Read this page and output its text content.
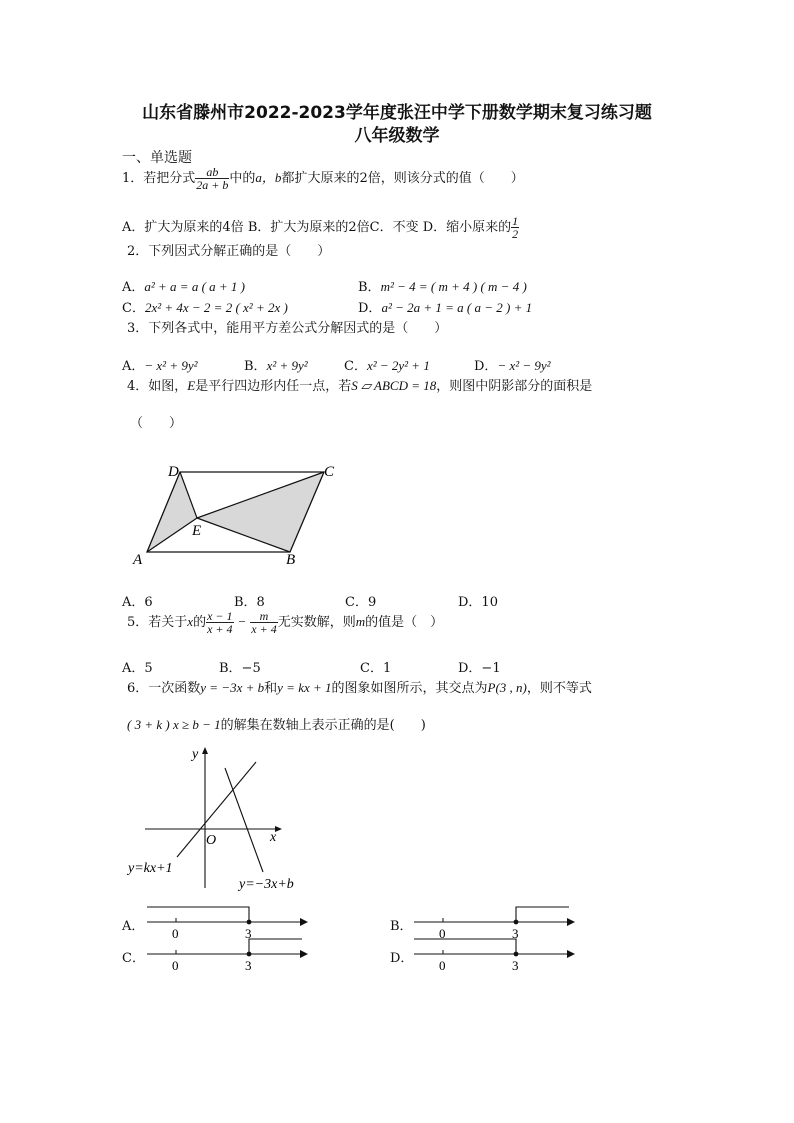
山东省滕州市2022-2023学年度张汪中学下册数学期末复习练习题
八年级数学
一、单选题
1．若把分式 $\frac{ab}{2a + b}$ 中的a，b都扩大原来的2倍，则该分式的值（　　）
A．扩大为原来的4倍 B．扩大为原来的2倍C．不变 D．缩小原来的 $\frac{1}{2}$
2．下列因式分解正确的是（　　）
A．a² + a = a ( a + 1 )	B．m² − 4 = ( m + 4 ) ( m − 4 )
C．2x² + 4x − 2 = 2 ( x² + 2x )	D．a² − 2a + 1 = a ( a − 2 ) + 1
3．下列各式中，能用平方差公式分解因式的是（　　）
A．− x² + 9y²	B．x² + 9y²	C．x² − 2y² + 1	D．− x² − 9y²
4．如图，E是平行四边形内任一点，若S ▱ ABCD = 18，则图中阴影部分的面积是
（　　）
D	C
A	B
E
A．6	B．8	C．9	D．10
5．若关于x的 $\frac{x - 1}{x + 4} - \frac{m}{x + 4}$ 无实数解，则m的值是（　）
A．5	B．−5	C．1	D．−1
6．一次函数y = −3x + b和y = kx + 1的图象如图所示，其交点为P(3 , n)，则不等式
( 3 + k ) x ≥ b − 1的解集在数轴上表示正确的是(　　)
y
x
O
y=kx+1
y=−3x+b
A． 0	3	B． 0	3
C． 0	3	D． 0	3
